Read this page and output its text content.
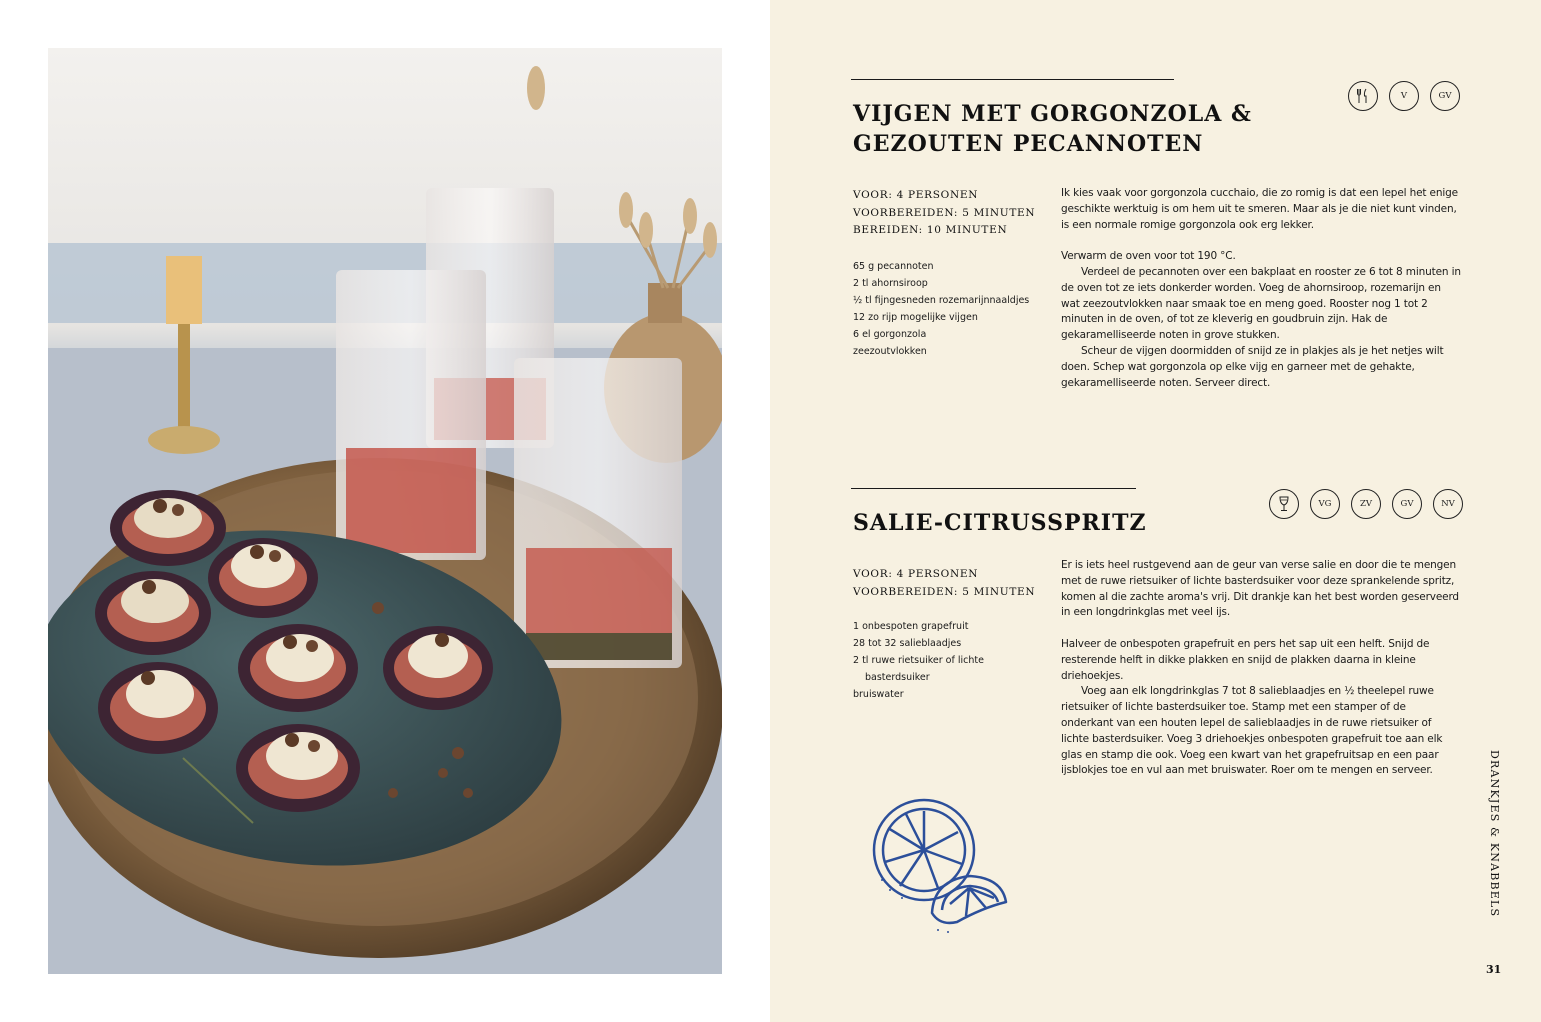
VIJGEN MET GORGONZOLA &
GEZOUTEN PECANNOTEN
V	GV
VOOR: 4 PERSONEN
VOORBEREIDEN: 5 MINUTEN
BEREIDEN: 10 MINUTEN
65 g pecannoten
2 tl ahornsiroop
½ tl fijngesneden rozemarijnnaaldjes
12 zo rijp mogelijke vijgen
6 el gorgonzola
zeezoutvlokken

Ik kies vaak voor gorgonzola cucchaio, die zo romig is dat een lepel het enige geschikte werktuig is om hem uit te smeren. Maar als je die niet kunt vinden, is een normale romige gorgonzola ook erg lekker.

Verwarm de oven voor tot 190 °C.

Verdeel de pecannoten over een bakplaat en rooster ze 6 tot 8 minuten in de oven tot ze iets donkerder worden. Voeg de ahornsiroop, rozemarijn en wat zeezoutvlokken naar smaak toe en meng goed. Rooster nog 1 tot 2 minuten in de oven, of tot ze kleverig en goudbruin zijn. Hak de gekaramelliseerde noten in grove stukken.

Scheur de vijgen doormidden of snijd ze in plakjes als je het netjes wilt doen. Schep wat gorgonzola op elke vijg en garneer met de gehakte, gekaramelliseerde noten. Serveer direct.

SALIE-CITRUSSPRITZ
VG	ZV	GV	NV
VOOR: 4 PERSONEN
VOORBEREIDEN: 5 MINUTEN
1 onbespoten grapefruit
28 tot 32 salieblaadjes
2 tl ruwe rietsuiker of lichte
basterdsuiker
bruiswater

Er is iets heel rustgevend aan de geur van verse salie en door die te mengen met de ruwe rietsuiker of lichte basterdsuiker voor deze sprankelende spritz, komen al die zachte aroma's vrij. Dit drankje kan het best worden geserveerd in een longdrinkglas met veel ijs.

Halveer de onbespoten grapefruit en pers het sap uit een helft. Snijd de resterende helft in dikke plakken en snijd de plakken daarna in kleine driehoekjes.

Voeg aan elk longdrinkglas 7 tot 8 salieblaadjes en ½ theelepel ruwe rietsuiker of lichte basterdsuiker toe. Stamp met een stamper of de onderkant van een houten lepel de salieblaadjes in de ruwe rietsuiker of lichte basterdsuiker. Voeg 3 driehoekjes onbespoten grapefruit toe aan elk glas en stamp die ook. Voeg een kwart van het grapefruitsap en een paar ijsblokjes toe en vul aan met bruiswater. Roer om te mengen en serveer.	DRANKJES & KNABBELS
31
